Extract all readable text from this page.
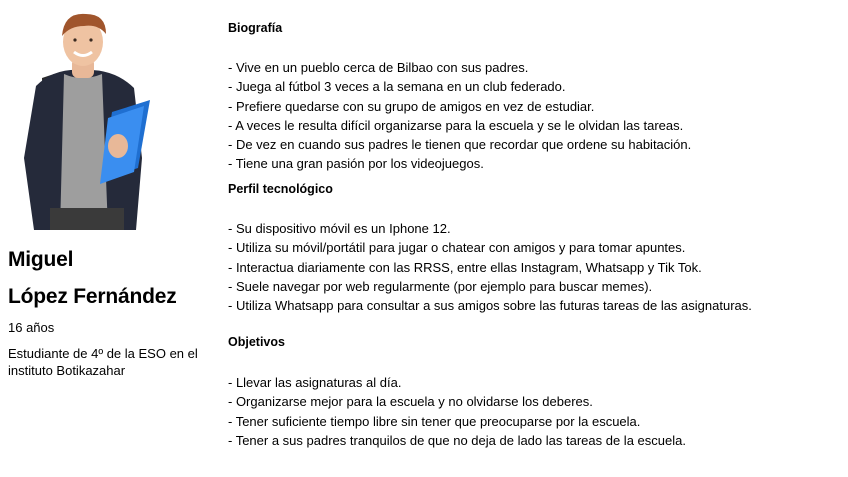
Miguel
López Fernández
16 años
Estudiante de 4º de la ESO en el instituto Botikazahar
Biografía
- Vive en un pueblo cerca de Bilbao con sus padres.
- Juega al fútbol 3 veces a la semana en un club federado.
- Prefiere quedarse con su grupo de amigos en vez de estudiar.
- A veces le resulta difícil organizarse para la escuela y se le olvidan las tareas.
- De vez en cuando sus padres le tienen que recordar que ordene su habitación.
- Tiene una gran pasión por los videojuegos.
Perfil tecnológico
- Su dispositivo móvil es un Iphone 12.
- Utiliza su móvil/portátil para jugar o chatear con amigos y para tomar apuntes.
- Interactua diariamente con las RRSS, entre ellas Instagram, Whatsapp y Tik Tok.
- Suele navegar por web regularmente (por ejemplo para buscar memes).
- Utiliza Whatsapp para consultar a sus amigos sobre las futuras tareas de las asignaturas.
Objetivos
- Llevar las asignaturas al día.
- Organizarse mejor para la escuela y no olvidarse los deberes.
- Tener suficiente tiempo libre sin tener que preocuparse por la escuela.
- Tener a sus padres tranquilos de que no deja de lado las tareas de la escuela.
